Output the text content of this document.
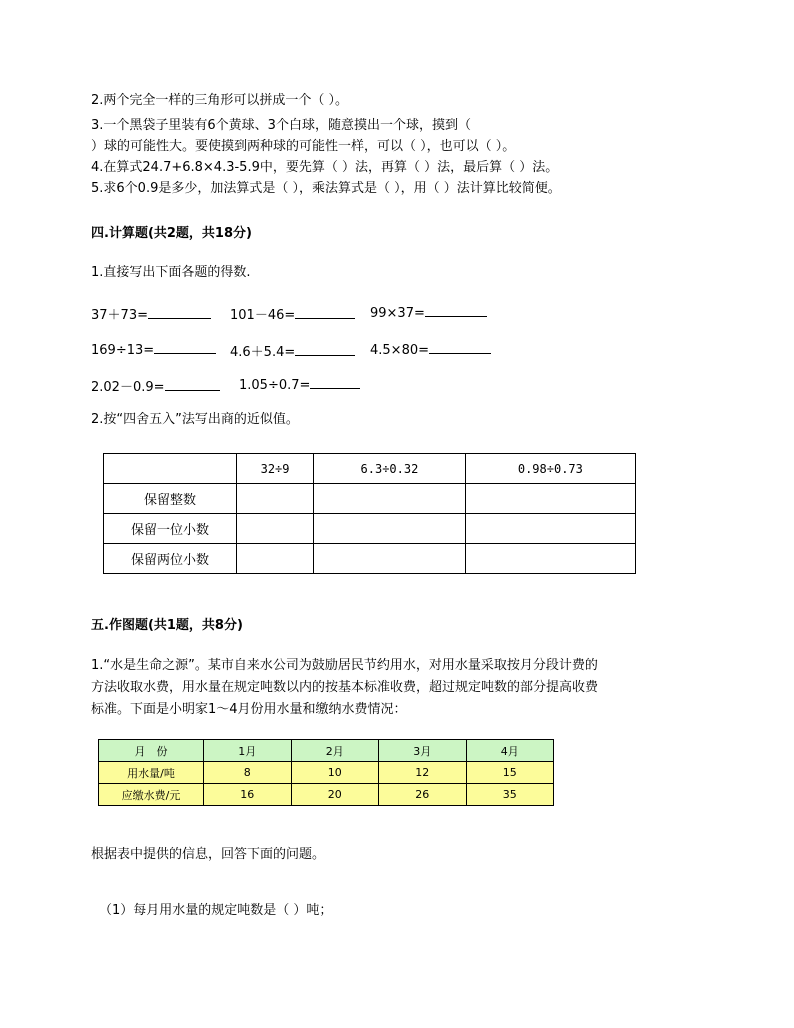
2.两个完全一样的三角形可以拼成一个（ ）。
3.一个黑袋子里装有6个黄球、3个白球，随意摸出一个球，摸到（
）球的可能性大。要使摸到两种球的可能性一样，可以（ ），也可以（ ）。
4.在算式24.7+6.8×4.3-5.9中，要先算（ ）法，再算（ ）法，最后算（ ）法。
5.求6个0.9是多少，加法算式是（ ），乘法算式是（ ），用（ ）法计算比较简便。
四.计算题(共2题，共18分)
1.直接写出下面各题的得数.
37＋73=	101－46=	99×37=
169÷13=	4.6＋5.4=	4.5×80=
2.02－0.9=	1.05÷0.7=
2.按“四舍五入”法写出商的近似值。
	32÷9	6.3÷0.32	0.98÷0.73
保留整数			
保留一位小数			
保留两位小数			
五.作图题(共1题，共8分)
1.“水是生命之源”。某市自来水公司为鼓励居民节约用水，对用水量采取按月分段计费的
方法收取水费，用水量在规定吨数以内的按基本标准收费，超过规定吨数的部分提高收费
标准。下面是小明家1～4月份用水量和缴纳水费情况：
月　份	1月	2月	3月	4月
用水量/吨	8	10	12	15
应缴水费/元	16	20	26	35
根据表中提供的信息，回答下面的问题。
（1）每月用水量的规定吨数是（ ）吨；
